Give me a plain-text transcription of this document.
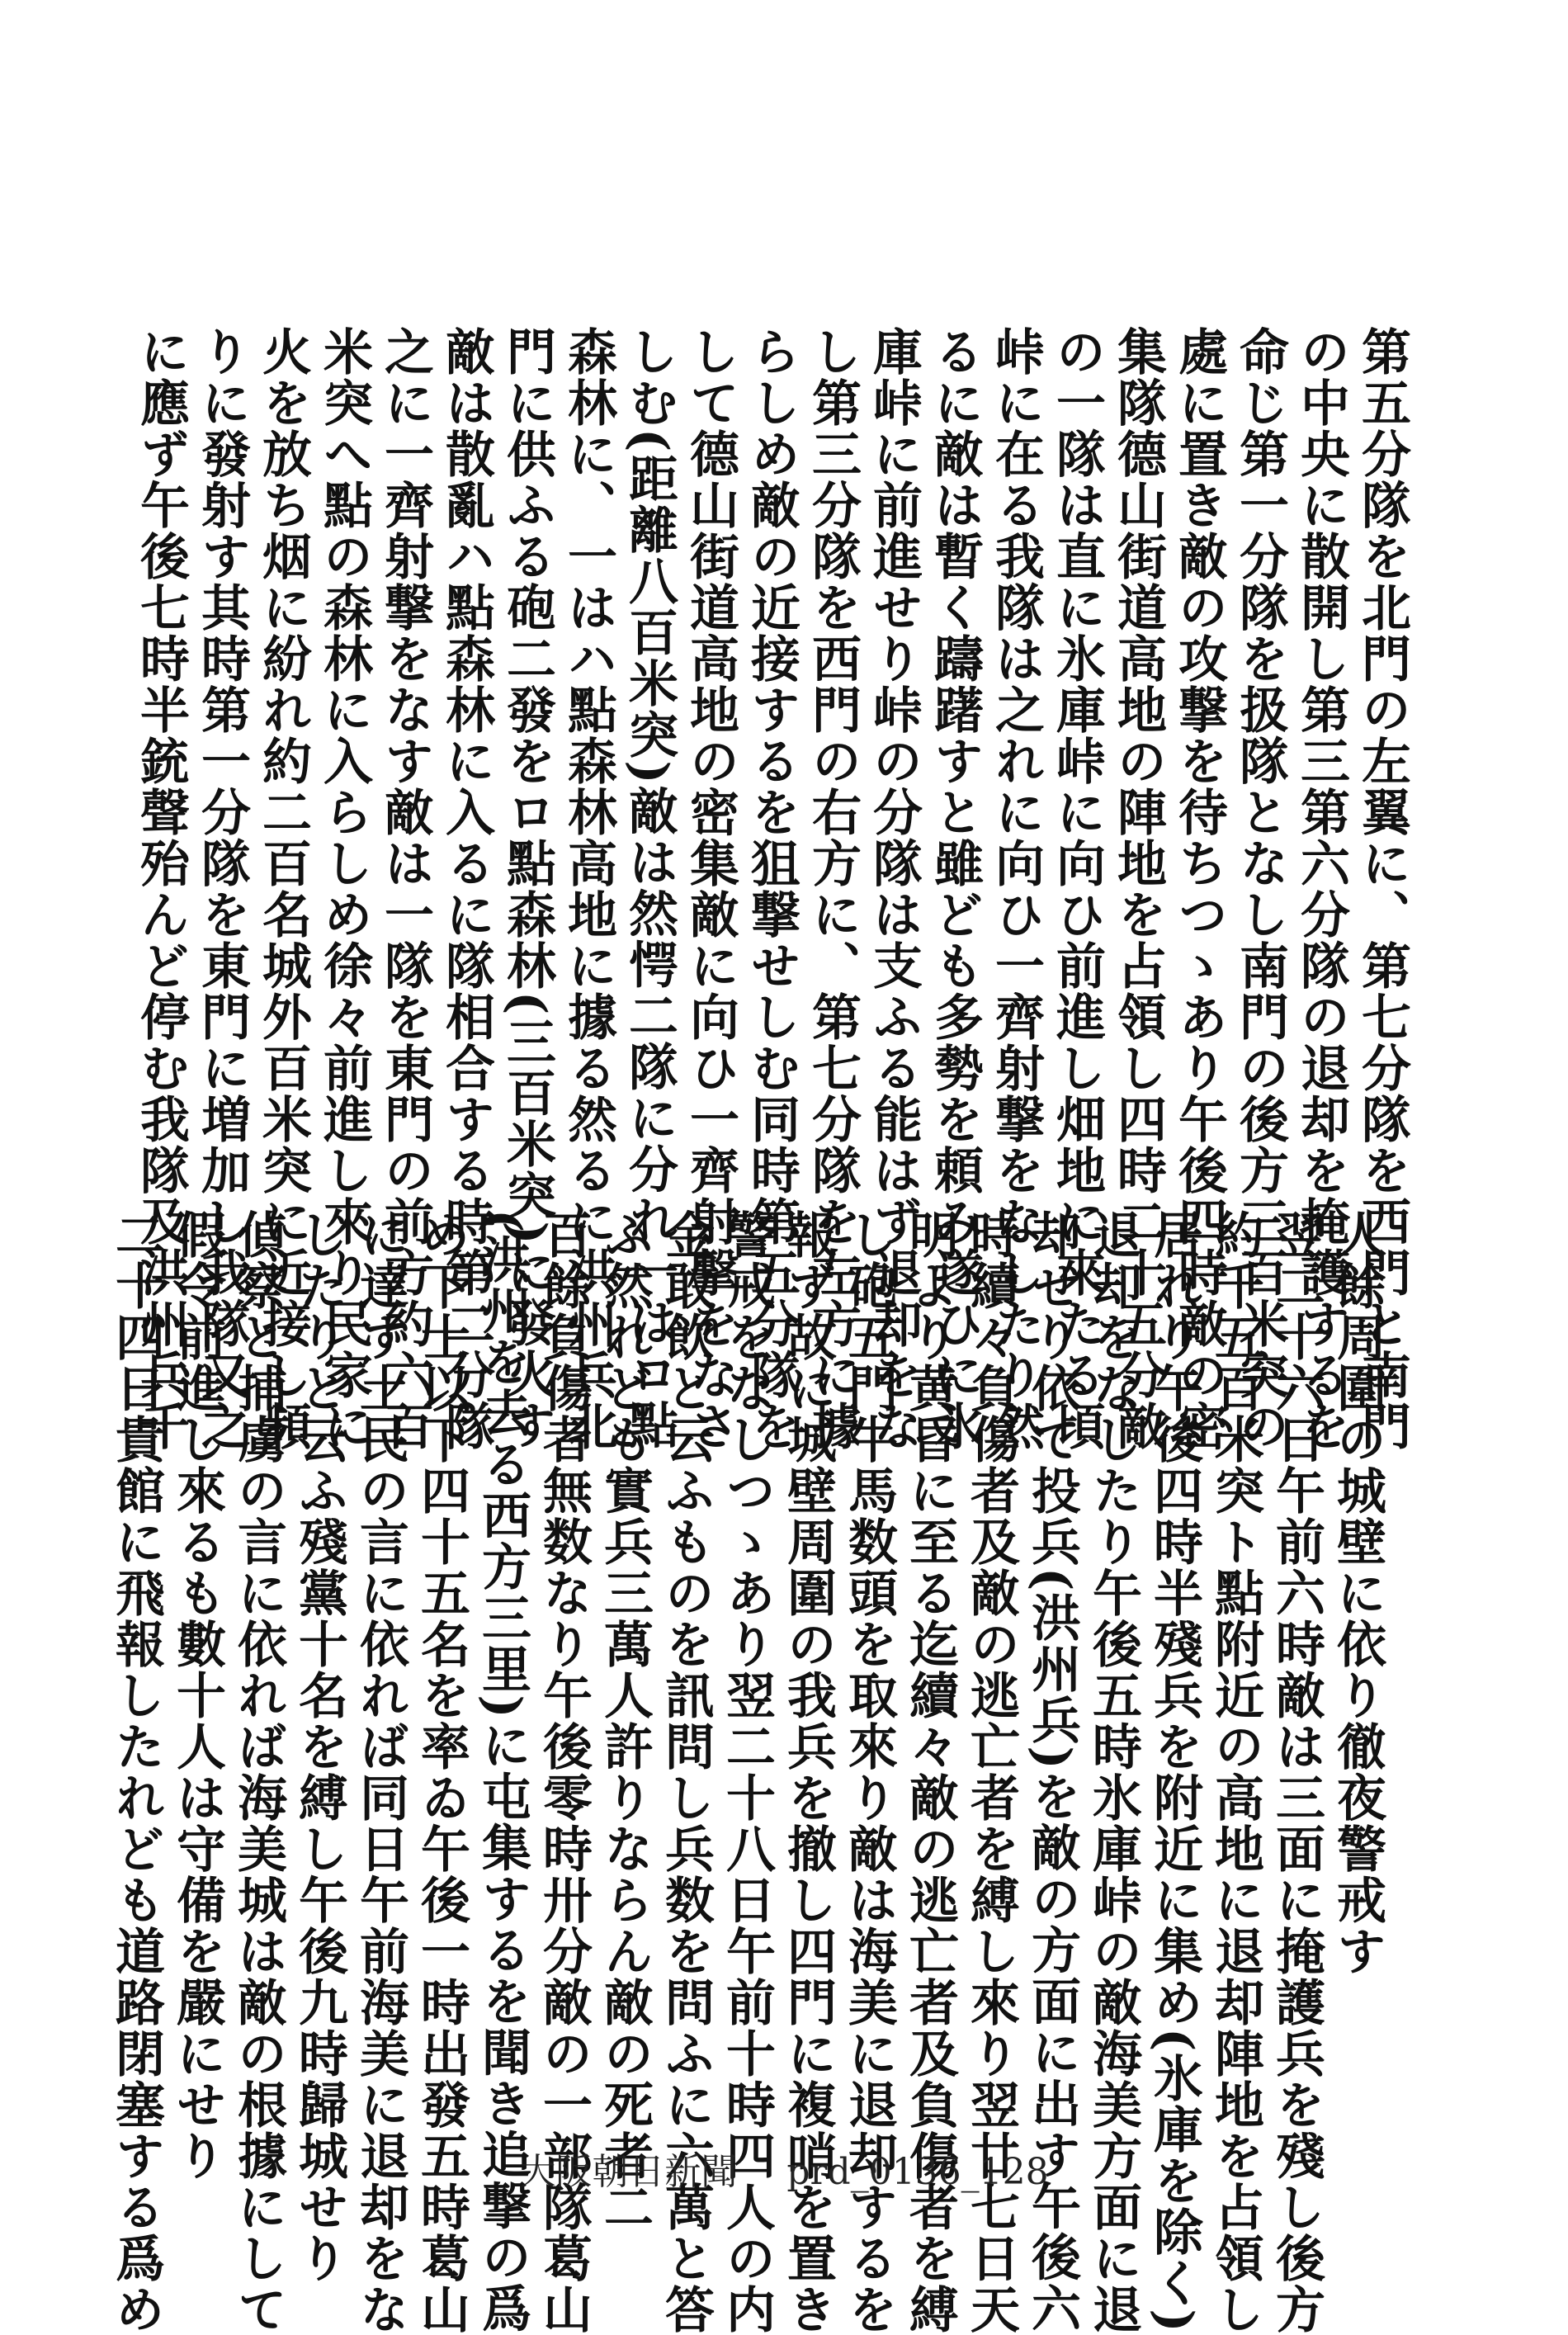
第五分隊を北門の左翼に、第七分隊を西門と南門
の中央に散開し第三第六分隊の退却を掩護するを
命じ第一分隊を扱隊となし南門の後方三百米突の
處に置き敵の攻撃を待ちつゝあり午後四時敵の密
集隊德山街道高地の陣地を占領し四時二十五分敵
の一隊は直に氷庫峠に向ひ前進し畑地に來たる頃
峠に在る我隊は之れに向ひ一齊射撃をなしたり然
るに敵は暫く躊躇すと雖ども多勢を頼み遂ひに氷
庫峠に前進せり峠の分隊は支ふる能はず退却をな
し第三分隊を西門の右方に、第七分隊を左方に據
らしめ敵の近接するを狙撃せしむ同時第五分隊を
して德山街道高地の密集敵に向ひ一齊射撃をなさ
しむ(距離八百米突)敵は然愕二隊に分れ一はロ點
森林に、一はハ點森林高地に據る然るに洪州兵北
門に供ふる砲二發をロ點森林(三百米突)に發火す
敵は散亂ハ點森林に入るに隊相合する時第二分隊
之に一齊射撃をなす敵は一隊を東門の前方約六百
米突へ點の森林に入らしめ徐々前進し來り民家に
火を放ち烟に紛れ約二百名城外百米突に近接し頻
りに發射す其時第一分隊を東門に増加し我隊又之
に應ず午後七時半銃聲殆んど停む我隊及洪州兵千
人餘周圍の城壁に依り徹夜警戒す
翌二十六日午前六時敵は三面に掩護兵を殘し後方
約千五百米突ト點附近の高地に退却陣地を占領し
居れり午後四時半殘兵を附近に集め(氷庫を除く)
退却をなしたり午後五時氷庫峠の敵海美方面に退
却せり依て投兵(洪州兵)を敵の方面に出す午後六
時續々負傷者及敵の逃亡者を縛し來り翌廿七日天
明より黄昏に至る迄續々敵の逃亡者及負傷者を縛
し砲五門牛馬数頭を取來り敵は海美に退却するを
報ず故に城壁周圍の我兵を撤し四門に複哨を置き
警戒をなしつゝあり翌二十八日午前十時四人の内
金敢飲と云ふものを訊問し兵数を問ふに六萬と答
ふ然れども實兵三萬人許りならん敵の死者二
百餘負傷者無数なり午後零時卅分敵の一部隊葛山
(洪州を去る西方三里)に屯集するを聞き追撃の爲
め下士以下四十五名を率ゐ午後一時出發五時葛山
に達す土民の言に依れば同日午前海美に退却をな
したりと云ふ殘黨十名を縛し午後九時歸城せり
偵察と捕虜の言に依れば海美城は敵の根據にして
假令前進し來るも數十人は守備を嚴にせり
二十四日貴館に飛報したれども道路閉塞する爲め	大阪朝日新聞 prd_0136_128
